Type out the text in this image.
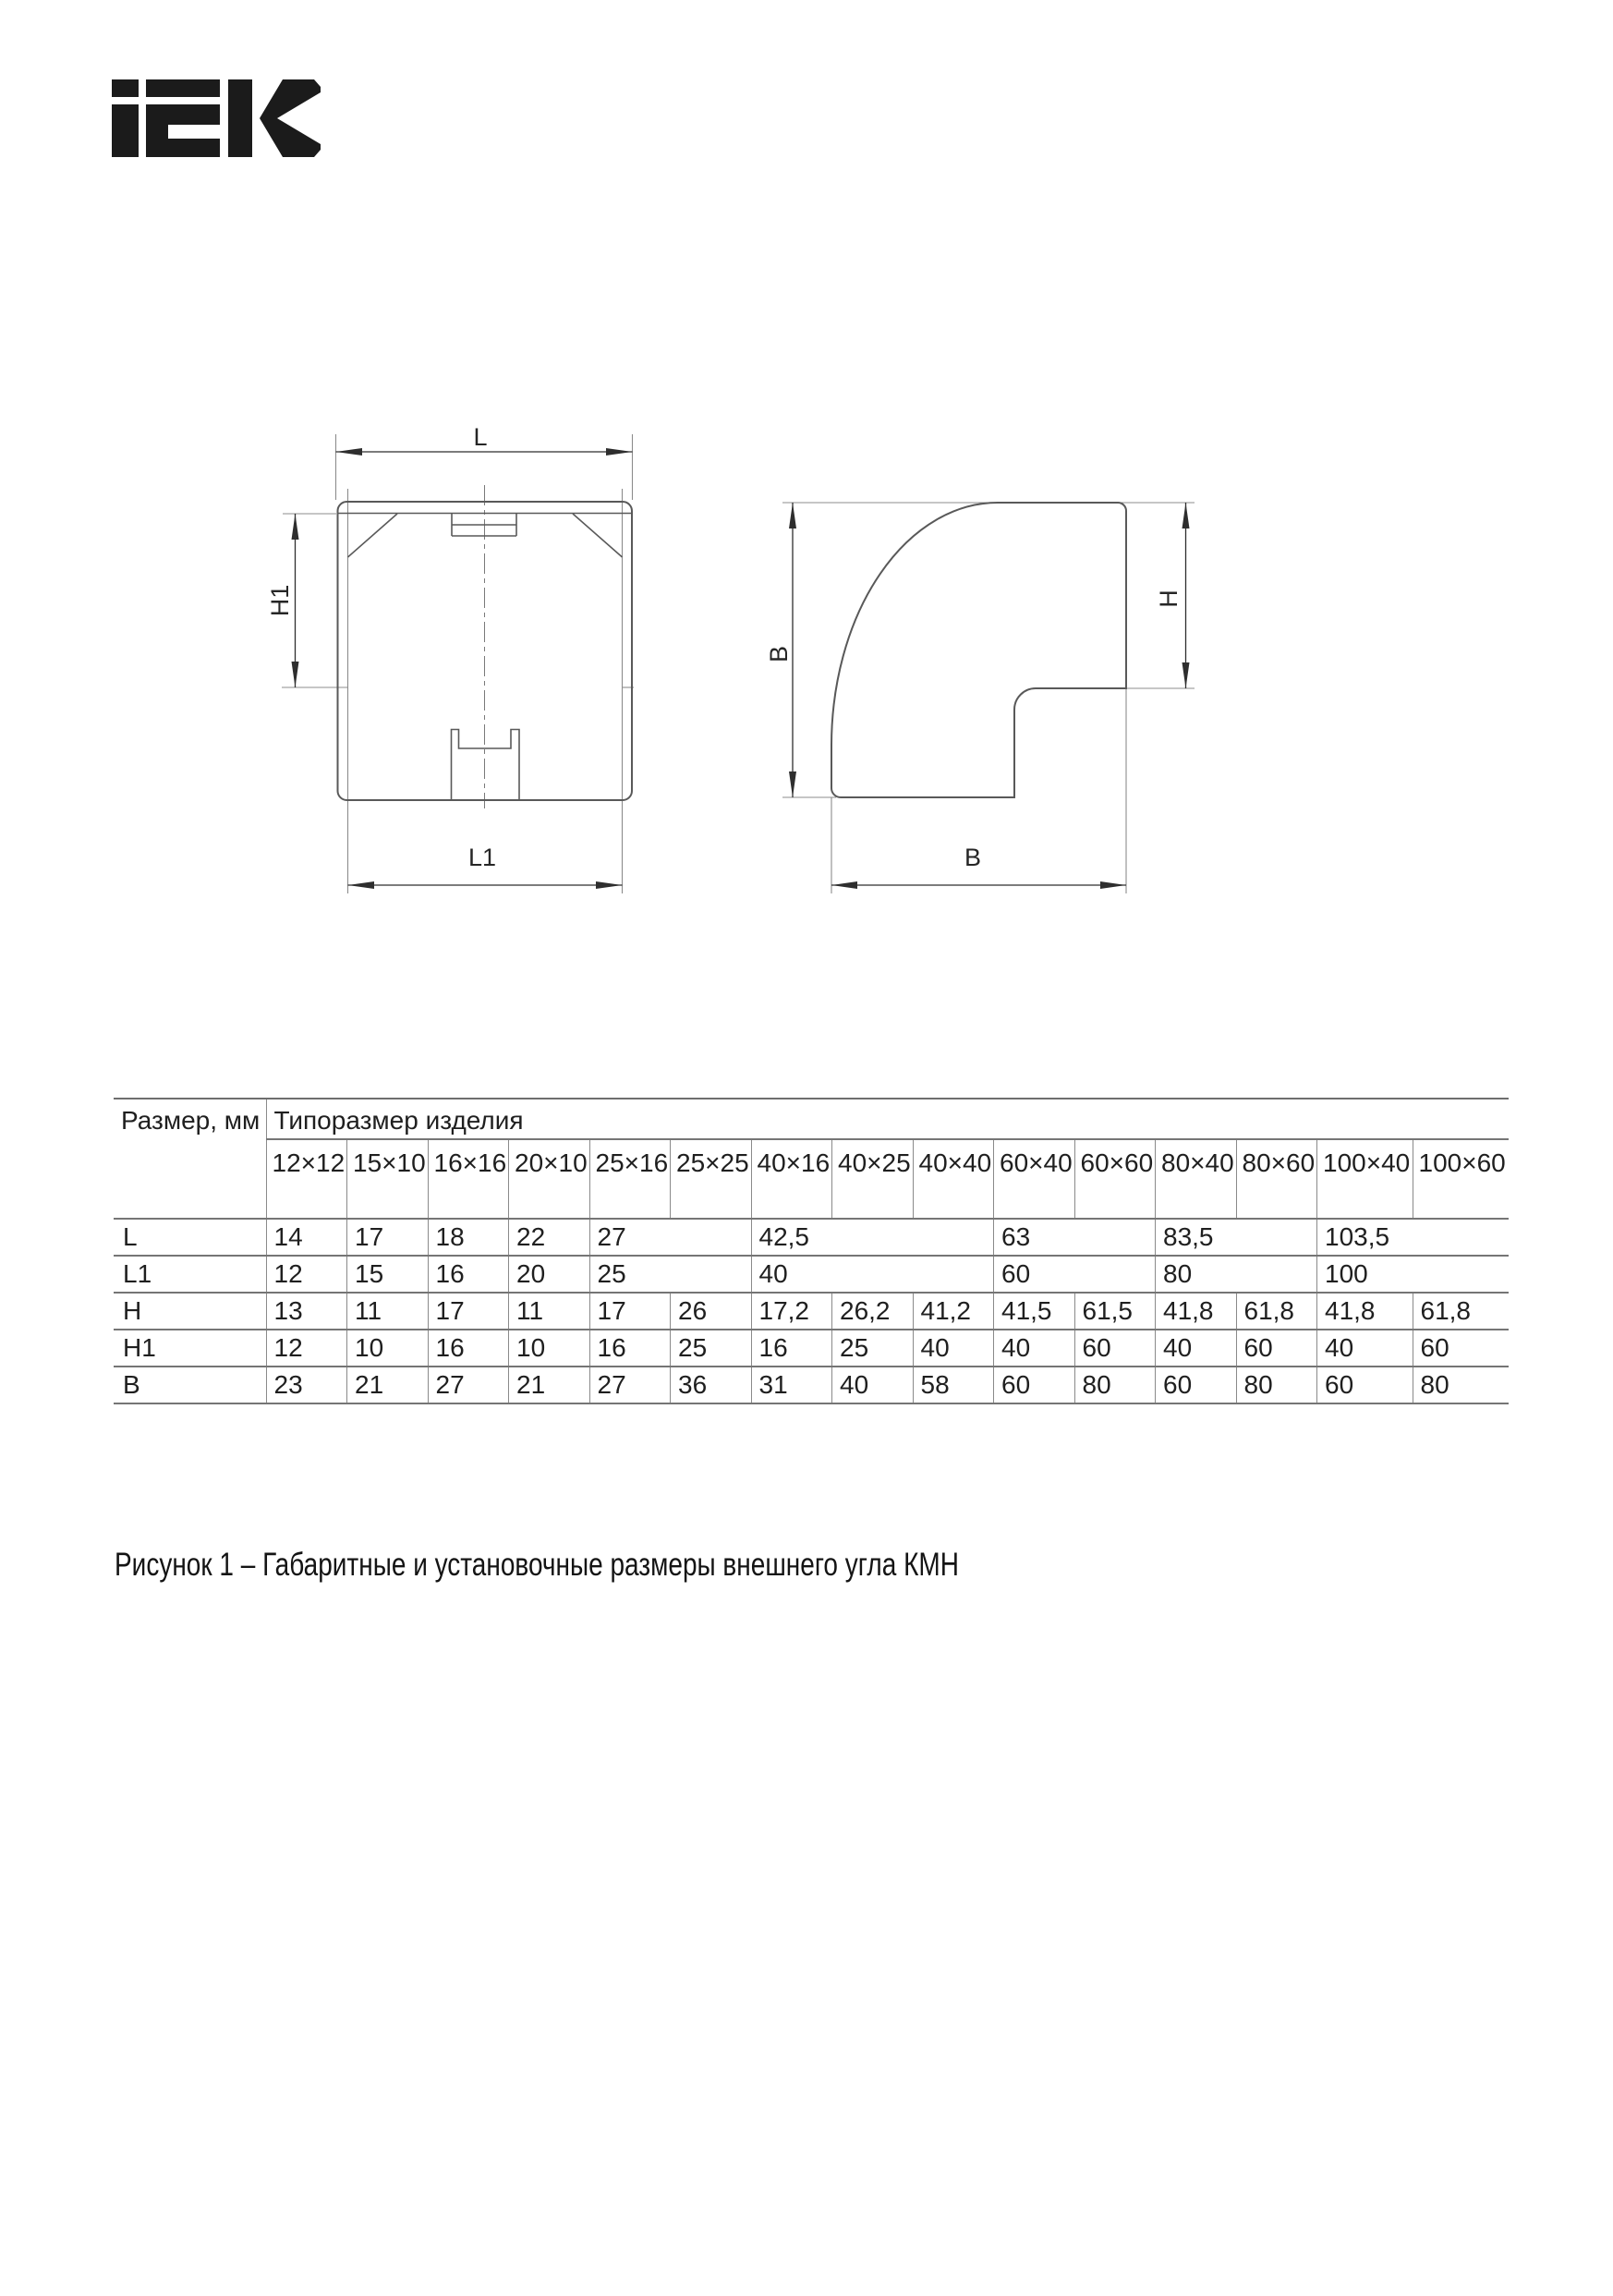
L
H1
L1
B
H
B
Размер, мм	Типоразмер изделия														
	12×12	15×10	16×16	20×10	25×16	25×25	40×16	40×25	40×40	60×40	60×60	80×40	80×60	100×40	100×60
L	14	17	18	22	27		42,5			63		83,5		103,5	
L1	12	15	16	20	25		40			60		80		100	
H	13	11	17	11	17	26	17,2	26,2	41,2	41,5	61,5	41,8	61,8	41,8	61,8
H1	12	10	16	10	16	25	16	25	40	40	60	40	60	40	60
B	23	21	27	21	27	36	31	40	58	60	80	60	80	60	80
Рисунок 1 – Габаритные и установочные размеры внешнего угла КМН
